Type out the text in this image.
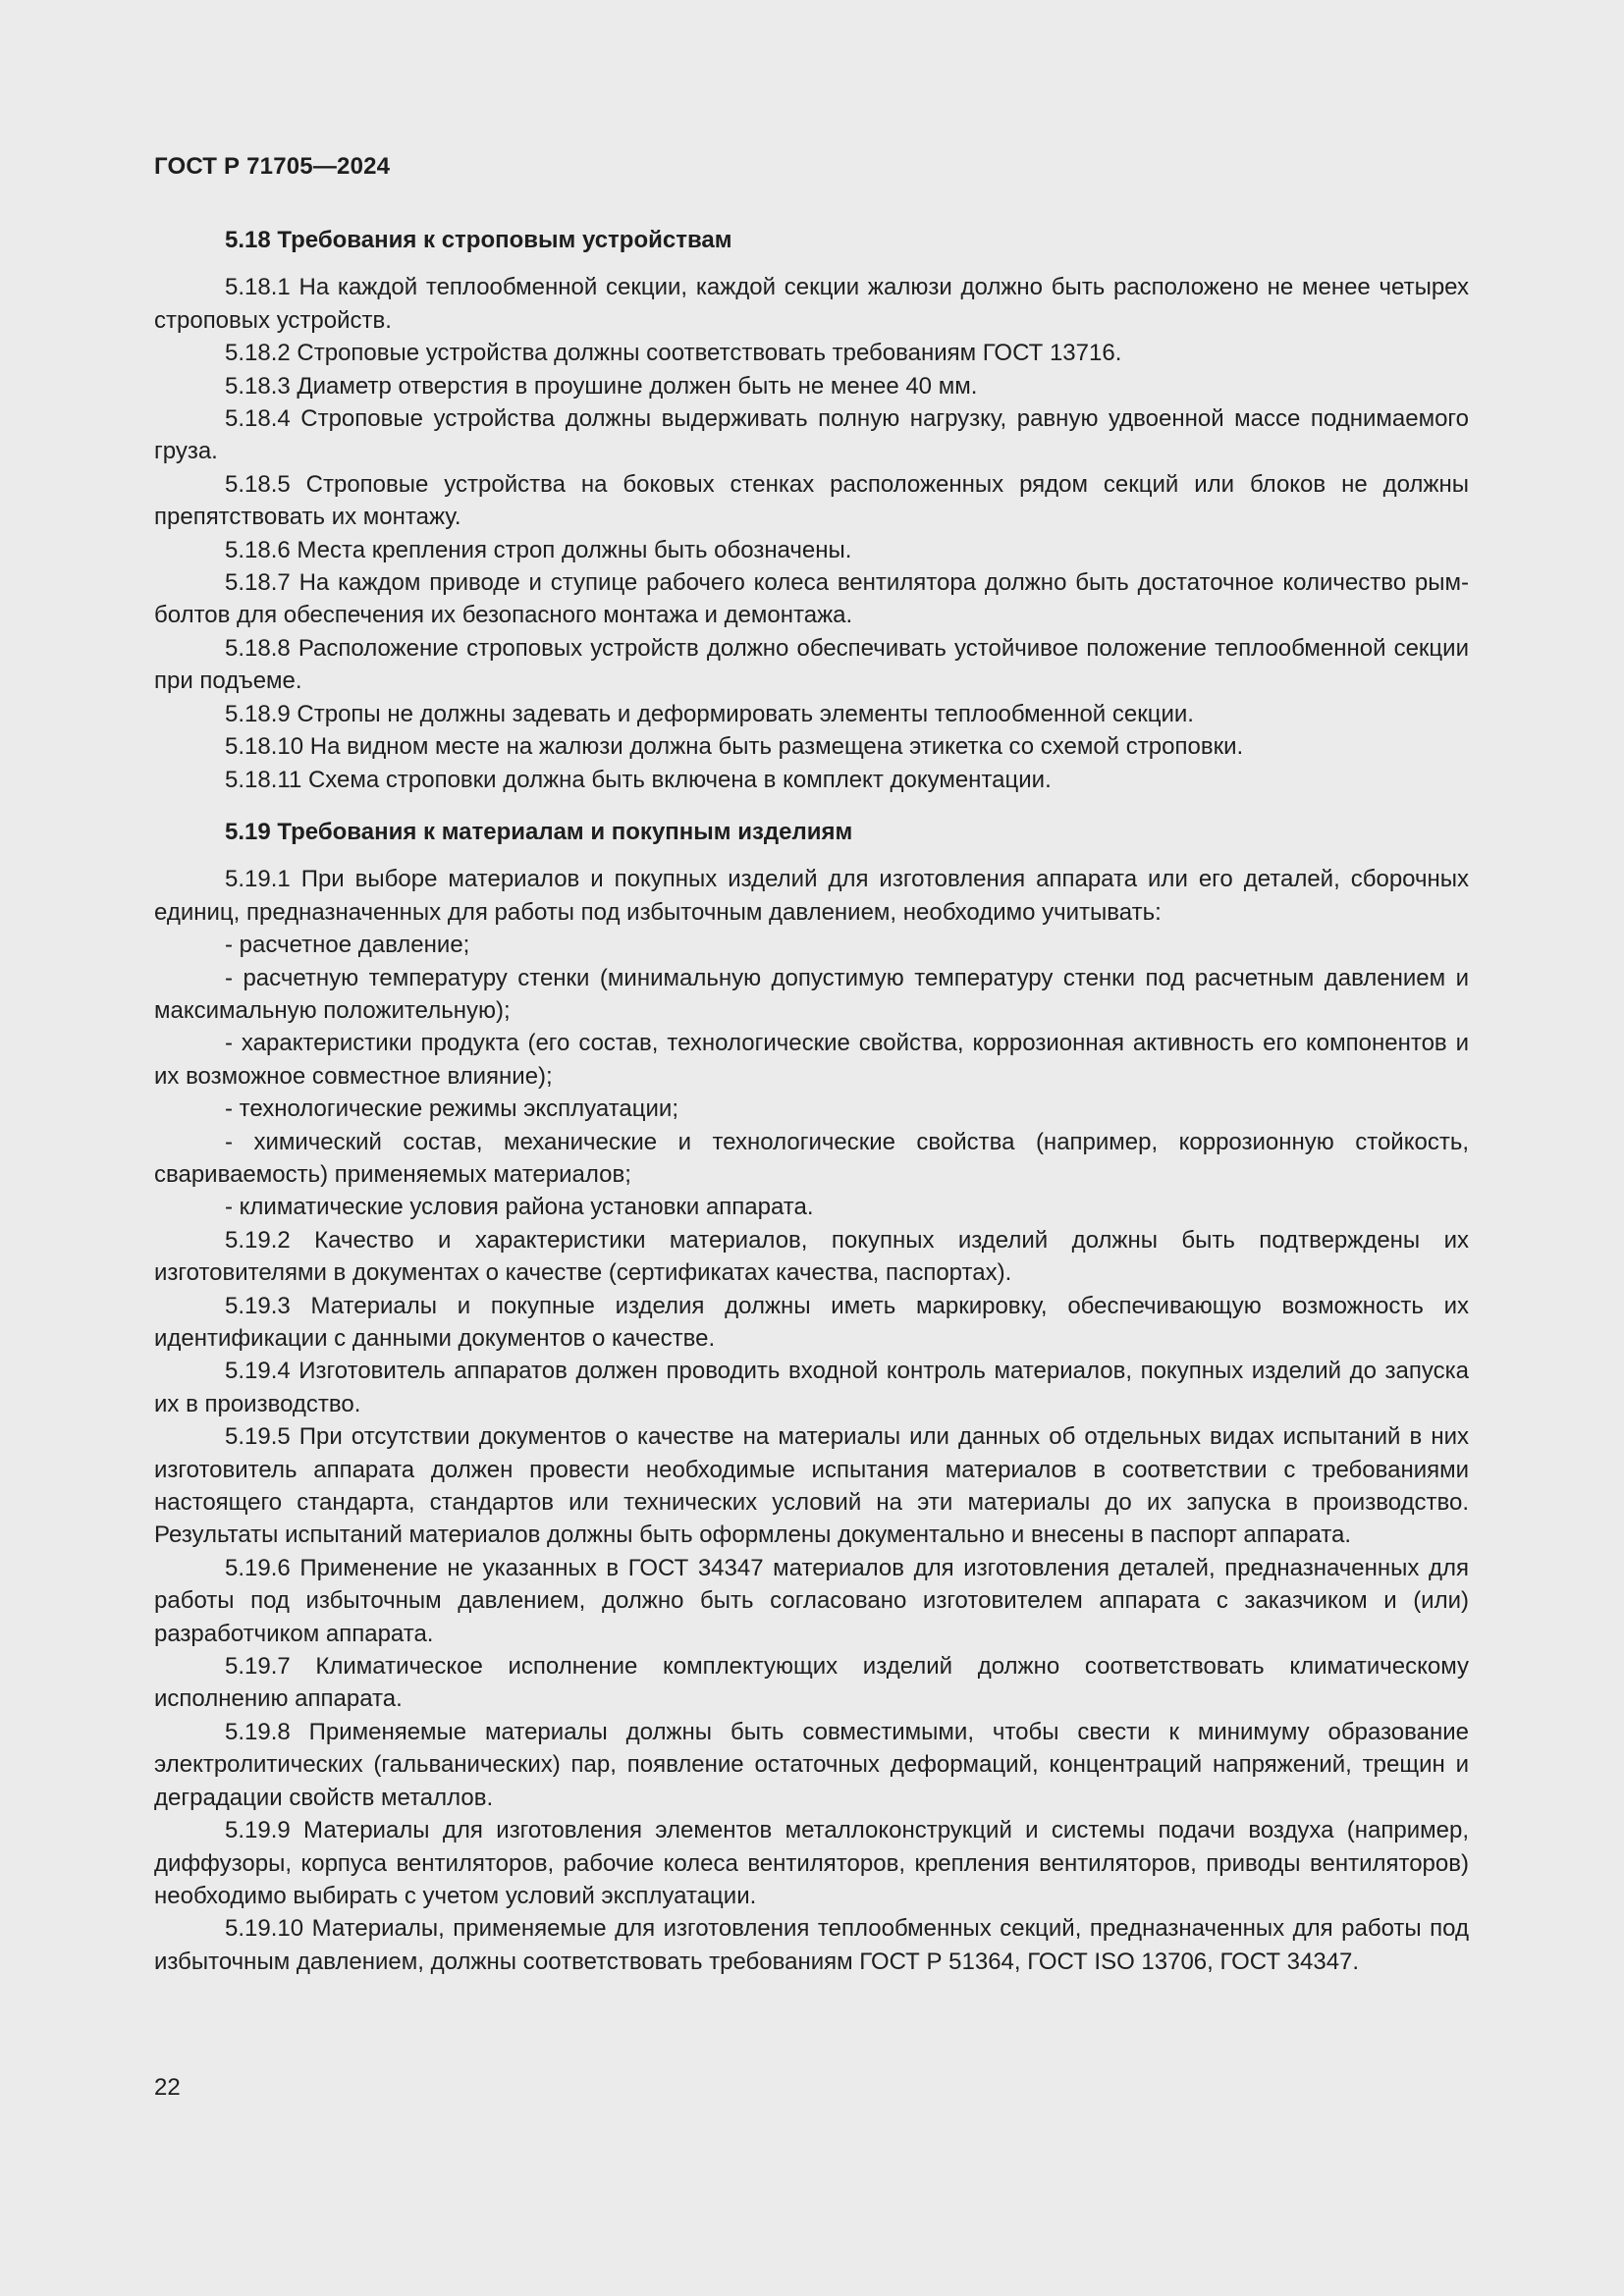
ГОСТ Р 71705—2024

5.18 Требования к строповым устройствам

5.18.1 На каждой теплообменной секции, каждой секции жалюзи должно быть расположено не менее четырех строповых устройств.

5.18.2 Строповые устройства должны соответствовать требованиям ГОСТ 13716.

5.18.3 Диаметр отверстия в проушине должен быть не менее 40 мм.

5.18.4 Строповые устройства должны выдерживать полную нагрузку, равную удвоенной массе поднимаемого груза.

5.18.5 Строповые устройства на боковых стенках расположенных рядом секций или блоков не должны препятствовать их монтажу.

5.18.6 Места крепления строп должны быть обозначены.

5.18.7 На каждом приводе и ступице рабочего колеса вентилятора должно быть достаточное количество рым-болтов для обеспечения их безопасного монтажа и демонтажа.

5.18.8 Расположение строповых устройств должно обеспечивать устойчивое положение теплообменной секции при подъеме.

5.18.9 Стропы не должны задевать и деформировать элементы теплообменной секции.

5.18.10 На видном месте на жалюзи должна быть размещена этикетка со схемой строповки.

5.18.11 Схема строповки должна быть включена в комплект документации.

5.19 Требования к материалам и покупным изделиям

5.19.1 При выборе материалов и покупных изделий для изготовления аппарата или его деталей, сборочных единиц, предназначенных для работы под избыточным давлением, необходимо учитывать:

- расчетное давление;

- расчетную температуру стенки (минимальную допустимую температуру стенки под расчетным давлением и максимальную положительную);

- характеристики продукта (его состав, технологические свойства, коррозионная активность его компонентов и их возможное совместное влияние);

- технологические режимы эксплуатации;

- химический состав, механические и технологические свойства (например, коррозионную стойкость, свариваемость) применяемых материалов;

- климатические условия района установки аппарата.

5.19.2 Качество и характеристики материалов, покупных изделий должны быть подтверждены их изготовителями в документах о качестве (сертификатах качества, паспортах).

5.19.3 Материалы и покупные изделия должны иметь маркировку, обеспечивающую возможность их идентификации с данными документов о качестве.

5.19.4 Изготовитель аппаратов должен проводить входной контроль материалов, покупных изделий до запуска их в производство.

5.19.5 При отсутствии документов о качестве на материалы или данных об отдельных видах испытаний в них изготовитель аппарата должен провести необходимые испытания материалов в соответствии с требованиями настоящего стандарта, стандартов или технических условий на эти материалы до их запуска в производство. Результаты испытаний материалов должны быть оформлены документально и внесены в паспорт аппарата.

5.19.6 Применение не указанных в ГОСТ 34347 материалов для изготовления деталей, предназначенных для работы под избыточным давлением, должно быть согласовано изготовителем аппарата с заказчиком и (или) разработчиком аппарата.

5.19.7 Климатическое исполнение комплектующих изделий должно соответствовать климатическому исполнению аппарата.

5.19.8 Применяемые материалы должны быть совместимыми, чтобы свести к минимуму образование электролитических (гальванических) пар, появление остаточных деформаций, концентраций напряжений, трещин и деградации свойств металлов.

5.19.9 Материалы для изготовления элементов металлоконструкций и системы подачи воздуха (например, диффузоры, корпуса вентиляторов, рабочие колеса вентиляторов, крепления вентиляторов, приводы вентиляторов) необходимо выбирать с учетом условий эксплуатации.

5.19.10 Материалы, применяемые для изготовления теплообменных секций, предназначенных для работы под избыточным давлением, должны соответствовать требованиям ГОСТ Р 51364, ГОСТ ISO 13706, ГОСТ 34347.

22
